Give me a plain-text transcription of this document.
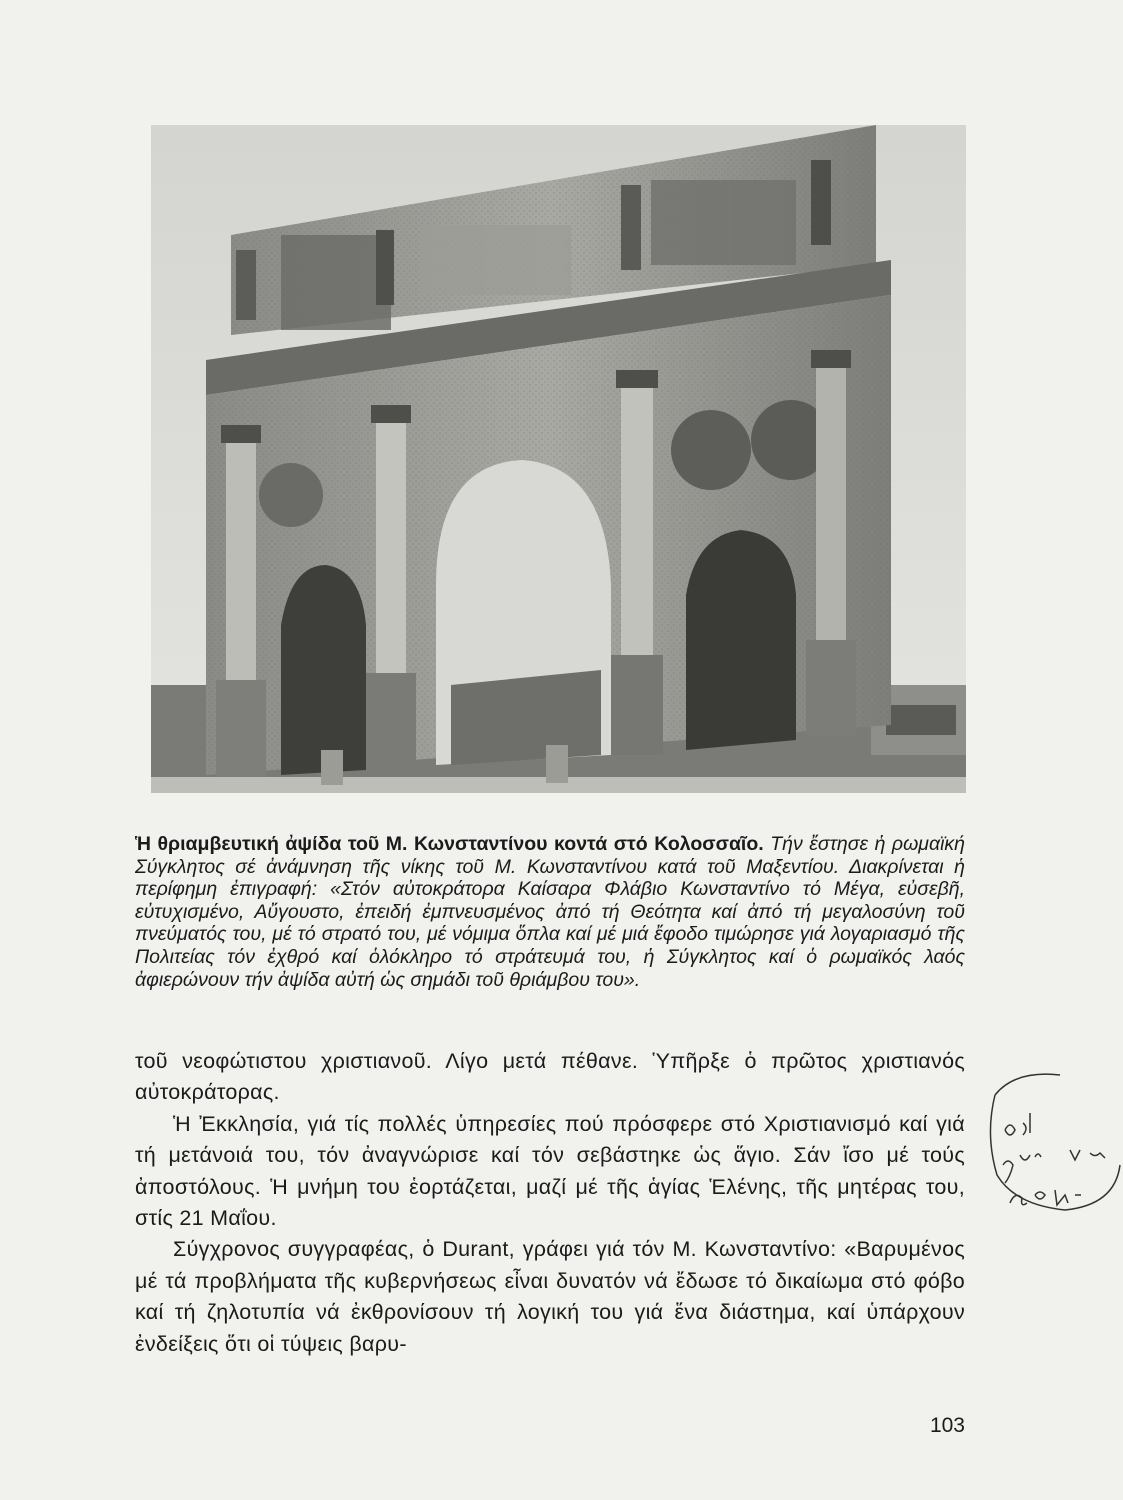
Ἡ θριαμβευτική ἀψίδα τοῦ Μ. Κωνσταντίνου κοντά στό Κολοσσαῖο. Τήν ἔστησε ἡ ρωμαϊκή Σύγκλητος σέ ἀνάμνηση τῆς νίκης τοῦ Μ. Κωνσταντίνου κατά τοῦ Μαξεντίου. Διακρίνεται ἡ περίφημη ἐπιγραφή: «Στόν αὐτοκράτορα Καίσαρα Φλάβιο Κωνσταντίνο τό Μέγα, εὐσεβῆ, εὐτυχισμένο, Αὔγουστο, ἐπειδή ἐμπνευσμένος ἀπό τή Θεότητα καί ἀπό τή μεγαλοσύνη τοῦ πνεύματός του, μέ τό στρατό του, μέ νόμιμα ὅπλα καί μέ μιά ἔφοδο τιμώρησε γιά λογαριασμό τῆς Πολιτείας τόν ἐχθρό καί ὁλόκληρο τό στράτευμά του, ἡ Σύγκλητος καί ὁ ρωμαϊκός λαός ἀφιερώνουν τήν ἀψίδα αὐτή ὡς σημάδι τοῦ θριάμβου του».

τοῦ νεοφώτιστου χριστιανοῦ. Λίγο μετά πέθανε. Ὑπῆρξε ὁ πρῶτος χριστιανός αὐτοκράτορας.

Ἡ Ἐκκλησία, γιά τίς πολλές ὑπηρεσίες πού πρόσφερε στό Χριστιανισμό καί γιά τή μετάνοιά του, τόν ἀναγνώρισε καί τόν σεβάστηκε ὡς ἅγιο. Σάν ἴσο μέ τούς ἀποστόλους. Ἡ μνήμη του ἑορτάζεται, μαζί μέ τῆς ἁγίας Ἑλένης, τῆς μητέρας του, στίς 21 Μαΐου.

Σύγχρονος συγγραφέας, ὁ Durant, γράφει γιά τόν Μ. Κωνσταντίνο: «Βαρυμένος μέ τά προβλήματα τῆς κυβερνήσεως εἶναι δυνατόν νά ἔδωσε τό δικαίωμα στό φόβο καί τή ζηλοτυπία νά ἐκθρονίσουν τή λογική του γιά ἕνα διάστημα, καί ὑπάρχουν ἐνδείξεις ὅτι οἱ τύψεις βαρυ-

103
